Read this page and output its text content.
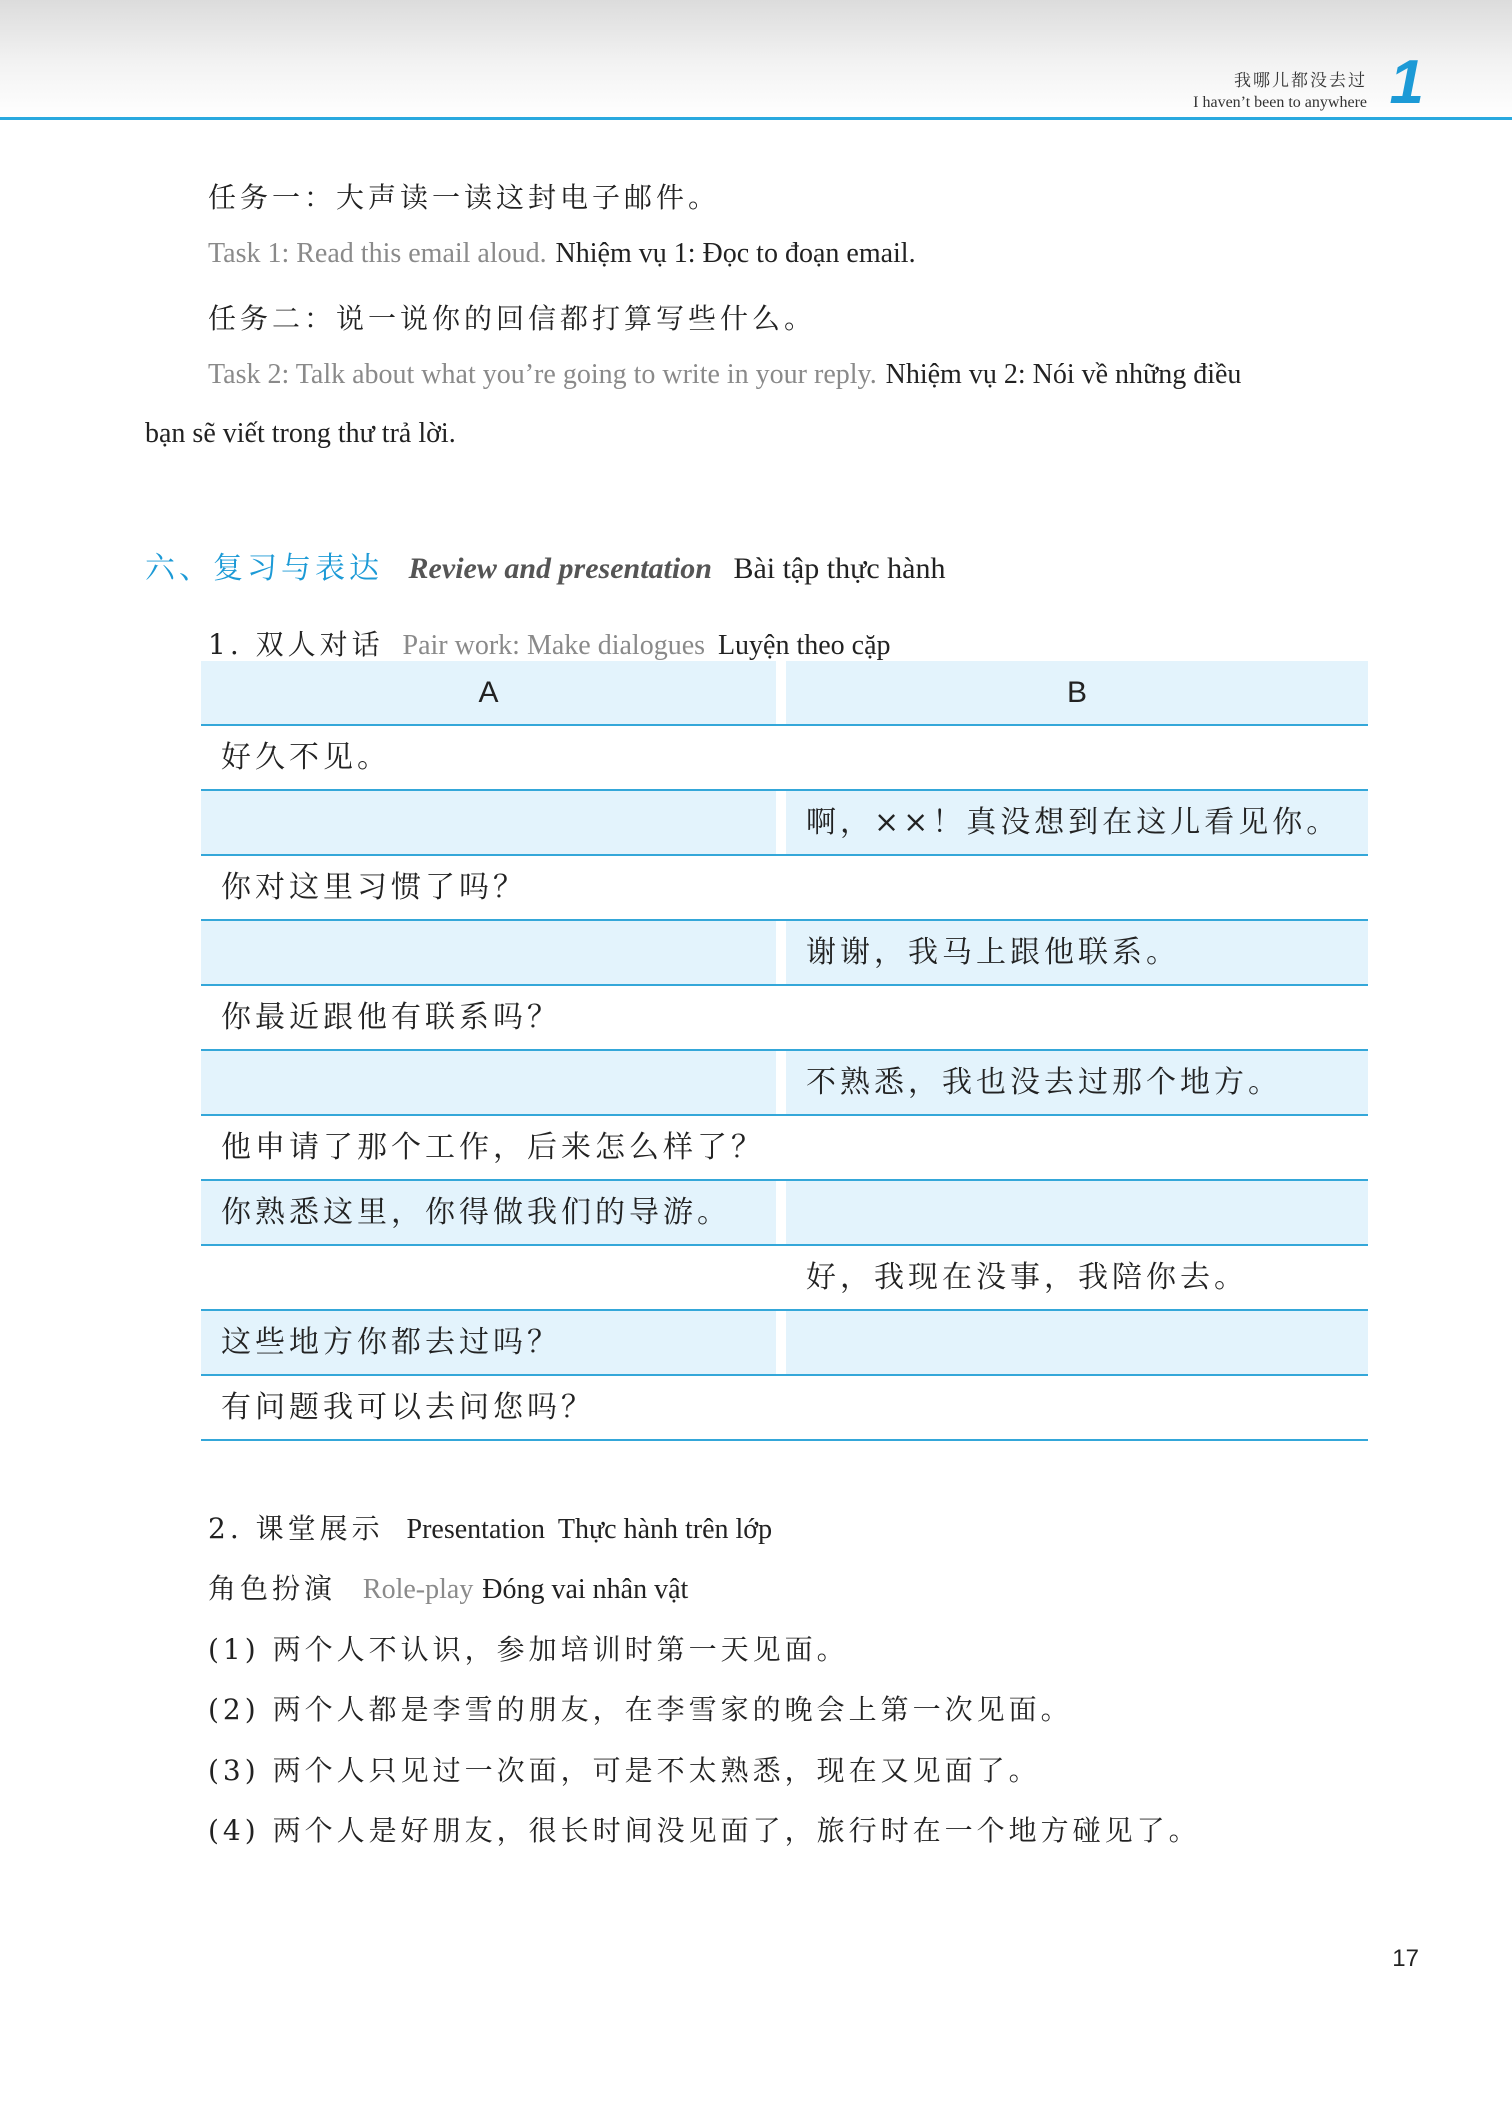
我哪儿都没去过
I haven’t been to anywhere 1
任务一：大声读一读这封电子邮件。
Task 1: Read this email aloud. Nhiệm vụ 1: Đọc to đoạn email.
任务二：说一说你的回信都打算写些什么。
Task 2: Talk about what you’re going to write in your reply. Nhiệm vụ 2: Nói về những điều
bạn sẽ viết trong thư trả lời.
六、复习与表达 Review and presentation Bài tập thực hành
1. 双人对话 Pair work: Make dialogues Luyện theo cặp
A	B
好久不见。
啊，××！真没想到在这儿看见你。
你对这里习惯了吗？
谢谢，我马上跟他联系。
你最近跟他有联系吗？
不熟悉，我也没去过那个地方。
他申请了那个工作，后来怎么样了？
你熟悉这里，你得做我们的导游。
好，我现在没事，我陪你去。
这些地方你都去过吗？
有问题我可以去问您吗？
2. 课堂展示 Presentation Thực hành trên lớp
角色扮演 Role-play Đóng vai nhân vật
(1) 两个人不认识，参加培训时第一天见面。
(2) 两个人都是李雪的朋友，在李雪家的晚会上第一次见面。
(3) 两个人只见过一次面，可是不太熟悉，现在又见面了。
(4) 两个人是好朋友，很长时间没见面了，旅行时在一个地方碰见了。
17
